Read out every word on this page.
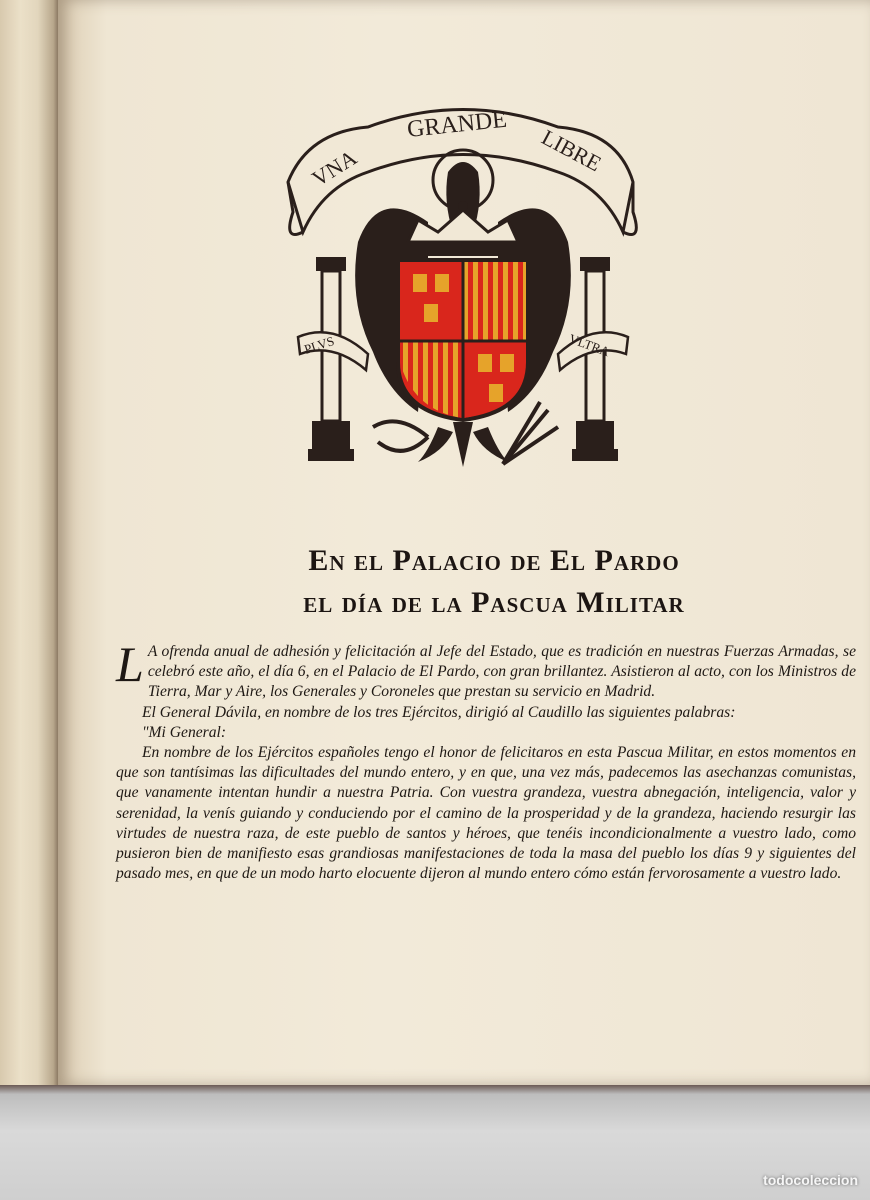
VNA
GRANDE LIBRE
PLVS	VLTRA
En el Palacio de El Pardo
el día de la Pascua Militar

L A ofrenda anual de adhesión y felicitación al Jefe del Estado, que es tradición en nuestras Fuerzas Armadas, se celebró este año, el día 6, en el Palacio de El Pardo, con gran brillantez. Asistieron al acto, con los Ministros de Tierra, Mar y Aire, los Generales y Coroneles que prestan su servicio en Madrid.

El General Dávila, en nombre de los tres Ejércitos, dirigió al Caudillo las siguientes palabras:

"Mi General:

En nombre de los Ejércitos españoles tengo el honor de felicitaros en esta Pascua Militar, en estos momentos en que son tantísimas las dificultades del mundo entero, y en que, una vez más, padecemos las asechanzas comunistas, que vanamente intentan hundir a nuestra Patria. Con vuestra grandeza, vuestra abnegación, inteligencia, valor y serenidad, la venís guiando y conduciendo por el camino de la prosperidad y de la grandeza, haciendo resurgir las virtudes de nuestra raza, de este pueblo de santos y héroes, que tenéis incondicionalmente a vuestro lado, como pusieron bien de manifiesto esas grandiosas manifestaciones de toda la masa del pueblo los días 9 y siguientes del pasado mes, en que de un modo harto elocuente dijeron al mundo entero cómo están fervorosamente a vuestro lado.

todocoleccion
